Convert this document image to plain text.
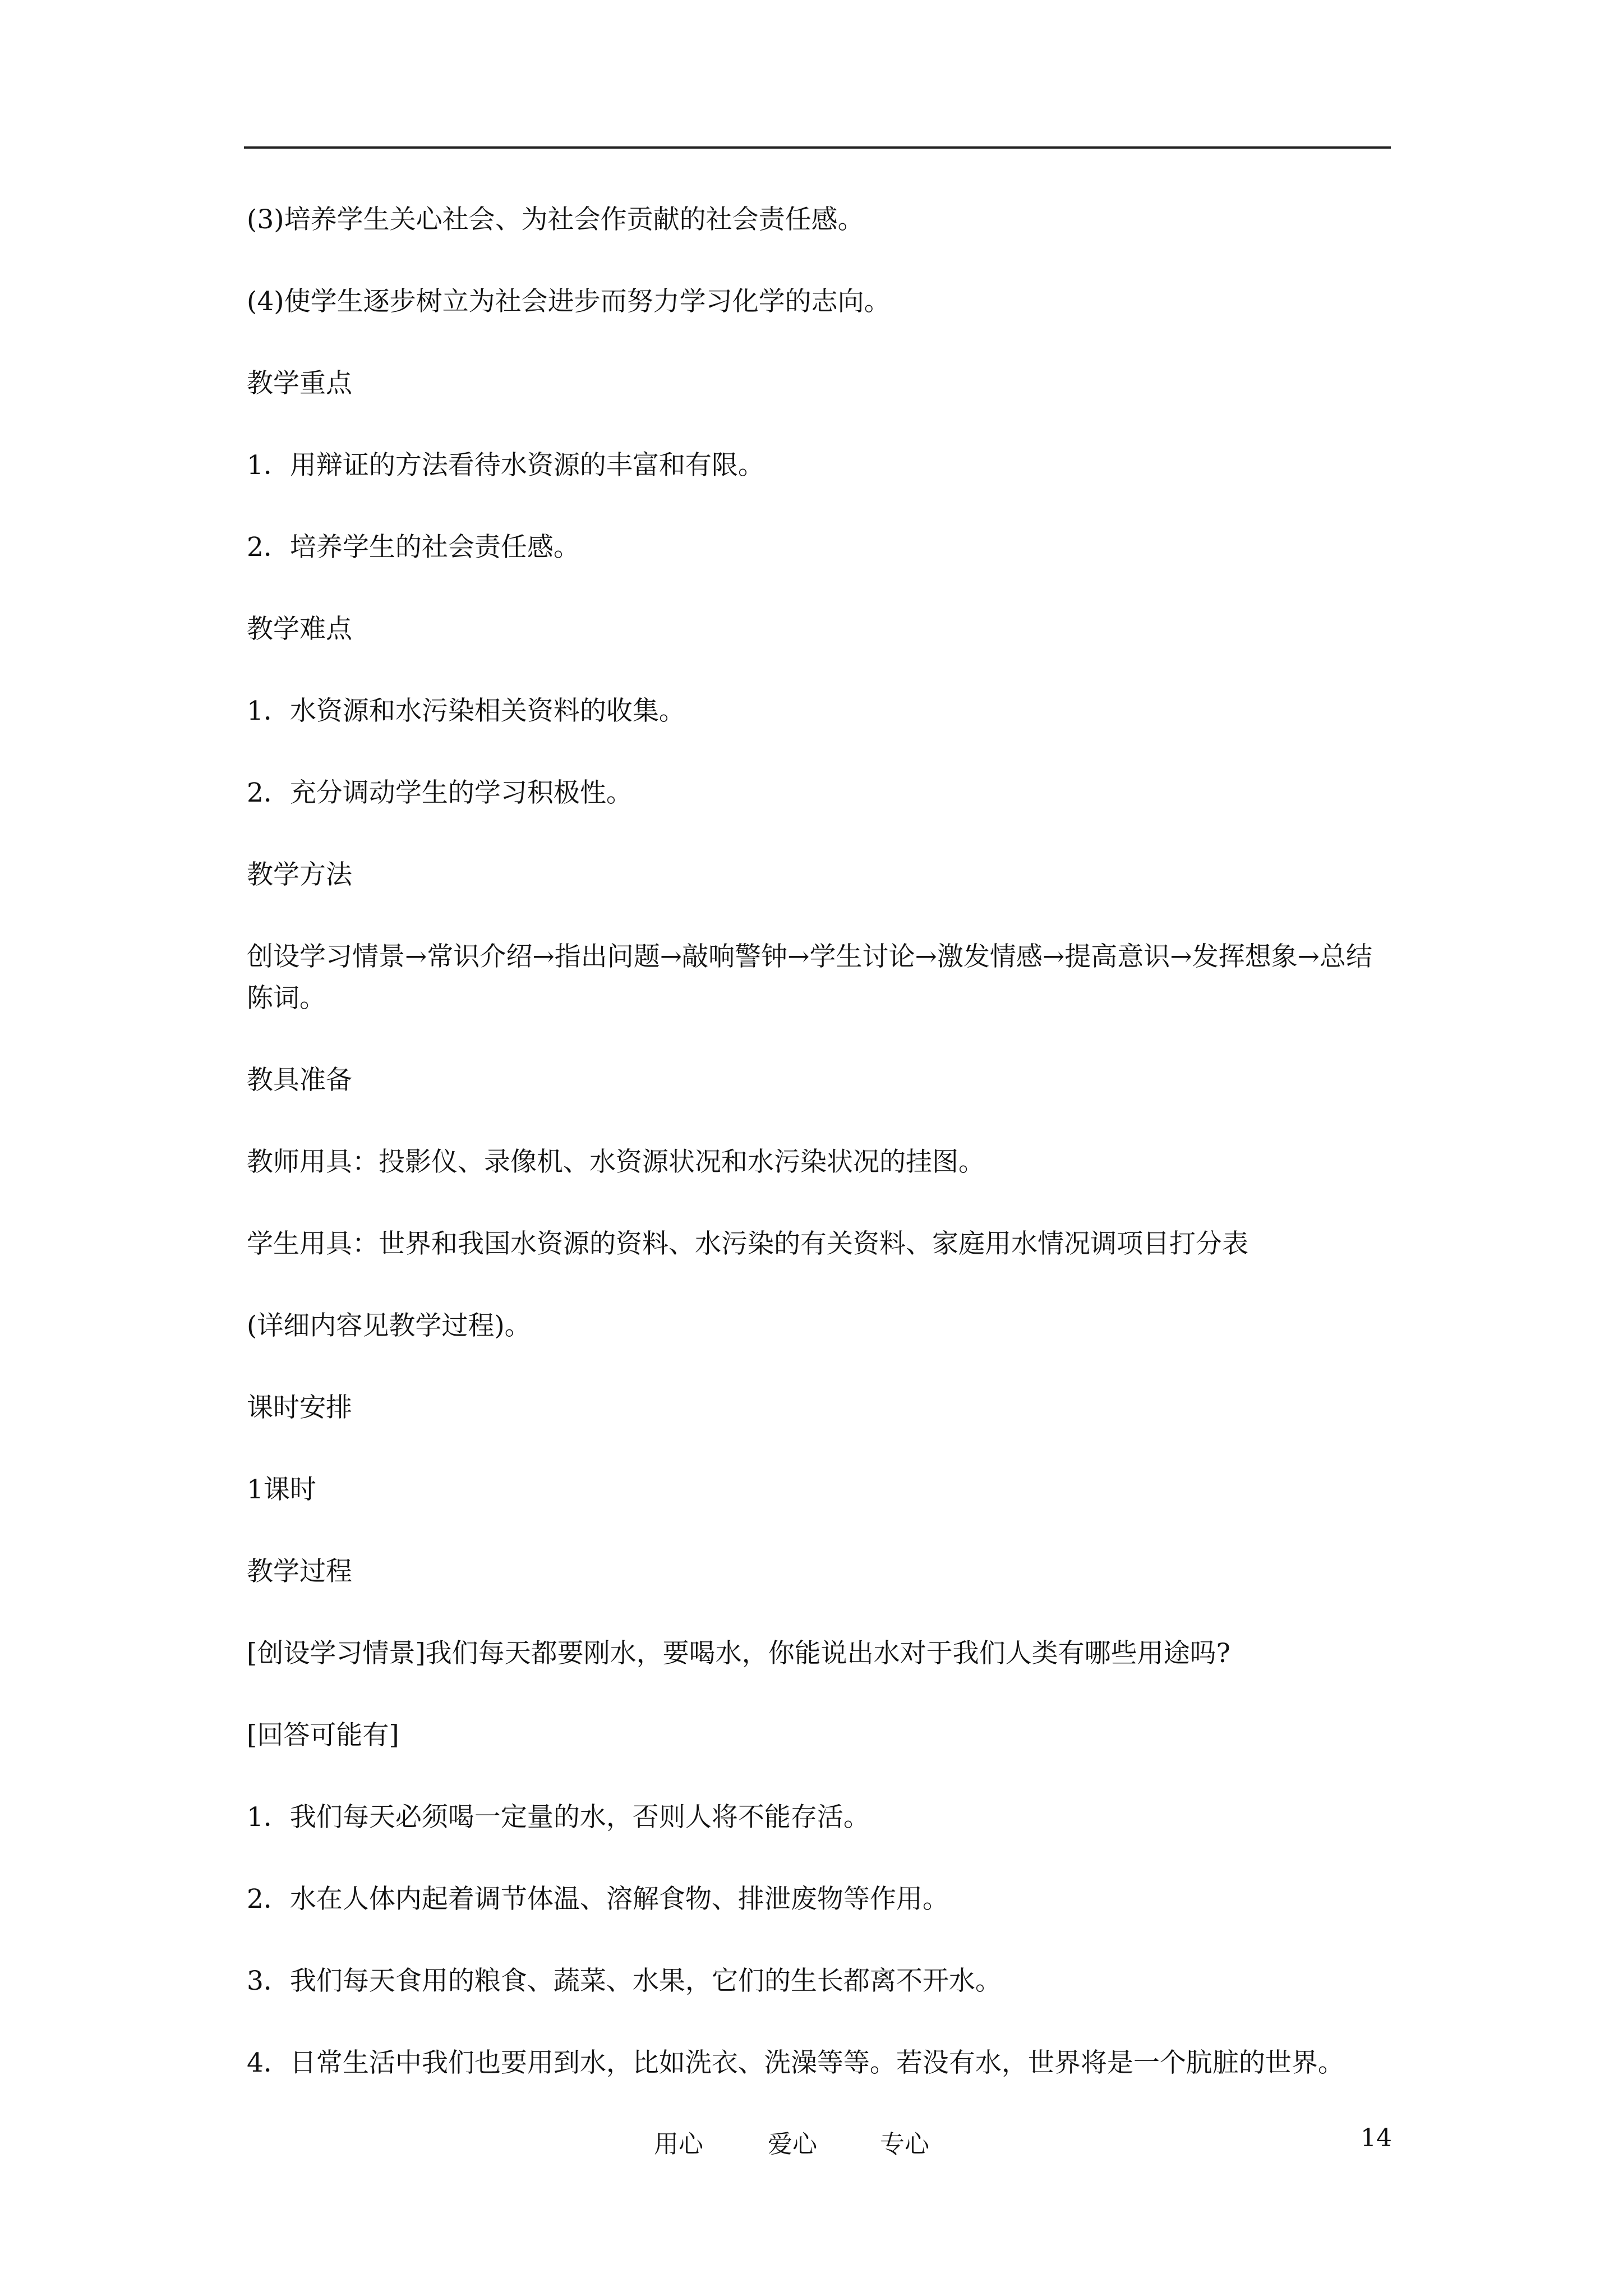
(3)培养学生关心社会、为社会作贡献的社会责任感。

(4)使学生逐步树立为社会进步而努力学习化学的志向。

教学重点

1．用辩证的方法看待水资源的丰富和有限。

2．培养学生的社会责任感。

教学难点

1．水资源和水污染相关资料的收集。

2．充分调动学生的学习积极性。

教学方法

创设学习情景→常识介绍→指出问题→敲响警钟→学生讨论→激发情感→提高意识→发挥想象→总结陈词。

教具准备

教师用具：投影仪、录像机、水资源状况和水污染状况的挂图。

学生用具：世界和我国水资源的资料、水污染的有关资料、家庭用水情况调项目打分表

(详细内容见教学过程)。

课时安排

1课时

教学过程

[创设学习情景]我们每天都要刚水，要喝水，你能说出水对于我们人类有哪些用途吗?

[回答可能有]

1．我们每天必须喝一定量的水，否则人将不能存活。

2．水在人体内起着调节体温、溶解食物、排泄废物等作用。

3．我们每天食用的粮食、蔬菜、水果，它们的生长都离不开水。

4．日常生活中我们也要用到水，比如洗衣、洗澡等等。若没有水，世界将是一个肮脏的世界。

用心	爱心	专心	14
